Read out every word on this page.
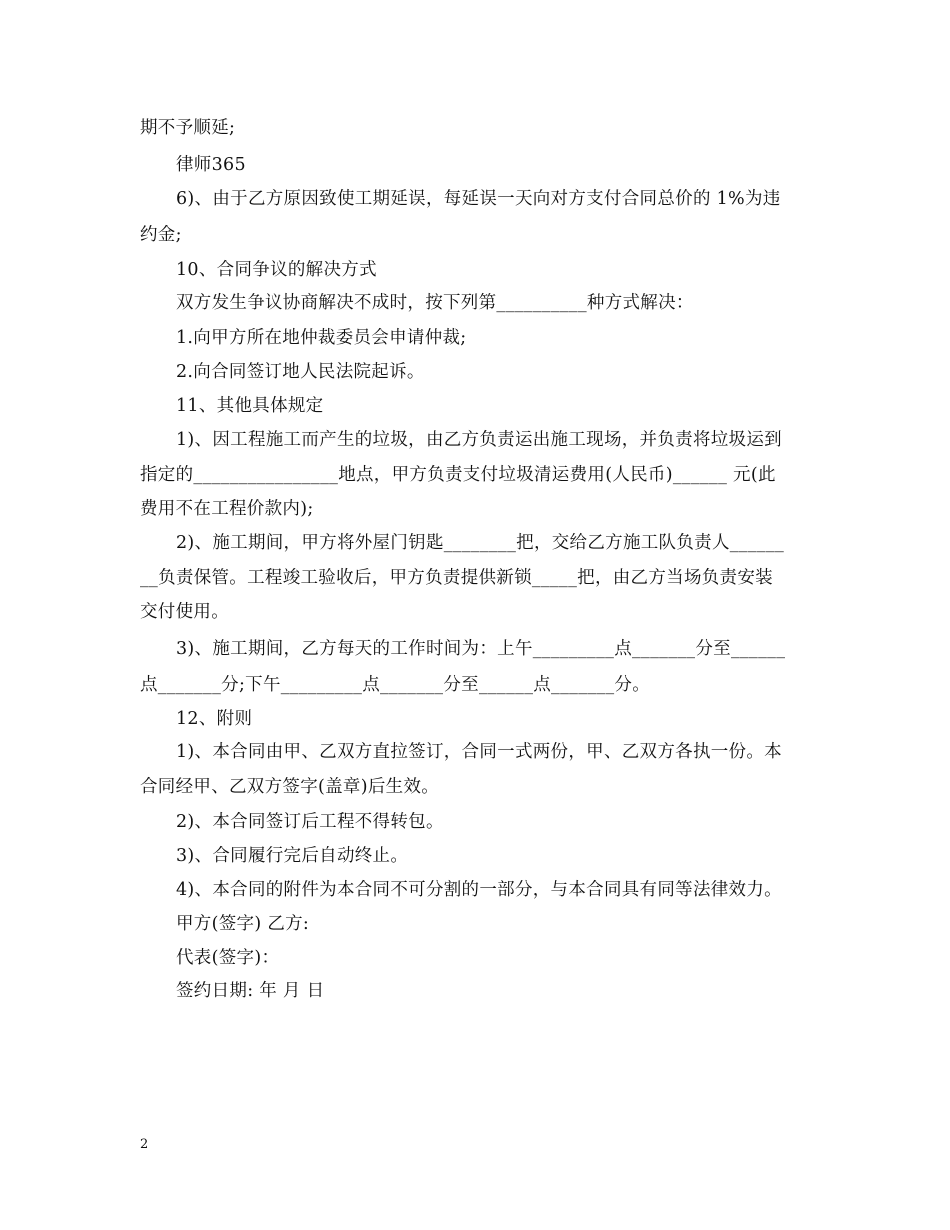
期不予顺延;
律师365
6)、由于乙方原因致使工期延误，每延误一天向对方支付合同总价的 1%为违
约金;
10、合同争议的解决方式
双方发生争议协商解决不成时，按下列第__________种方式解决：
1.向甲方所在地仲裁委员会申请仲裁;
2.向合同签订地人民法院起诉。
11、其他具体规定
1)、因工程施工而产生的垃圾，由乙方负责运出施工现场，并负责将垃圾运到
指定的________________地点，甲方负责支付垃圾清运费用(人民币)______ 元(此
费用不在工程价款内);
2)、施工期间，甲方将外屋门钥匙________把，交给乙方施工队负责人______
__负责保管。工程竣工验收后，甲方负责提供新锁_____把，由乙方当场负责安装
交付使用。
3)、施工期间，乙方每天的工作时间为：上午_________点_______分至______
点_______分;下午_________点_______分至______点_______分。
12、附则
1)、本合同由甲、乙双方直拉签订，合同一式两份，甲、乙双方各执一份。本
合同经甲、乙双方签字(盖章)后生效。
2)、本合同签订后工程不得转包。
3)、合同履行完后自动终止。
4)、本合同的附件为本合同不可分割的一部分，与本合同具有同等法律效力。
甲方(签字) 乙方:
代表(签字)：
签约日期: 年 月 日
2
